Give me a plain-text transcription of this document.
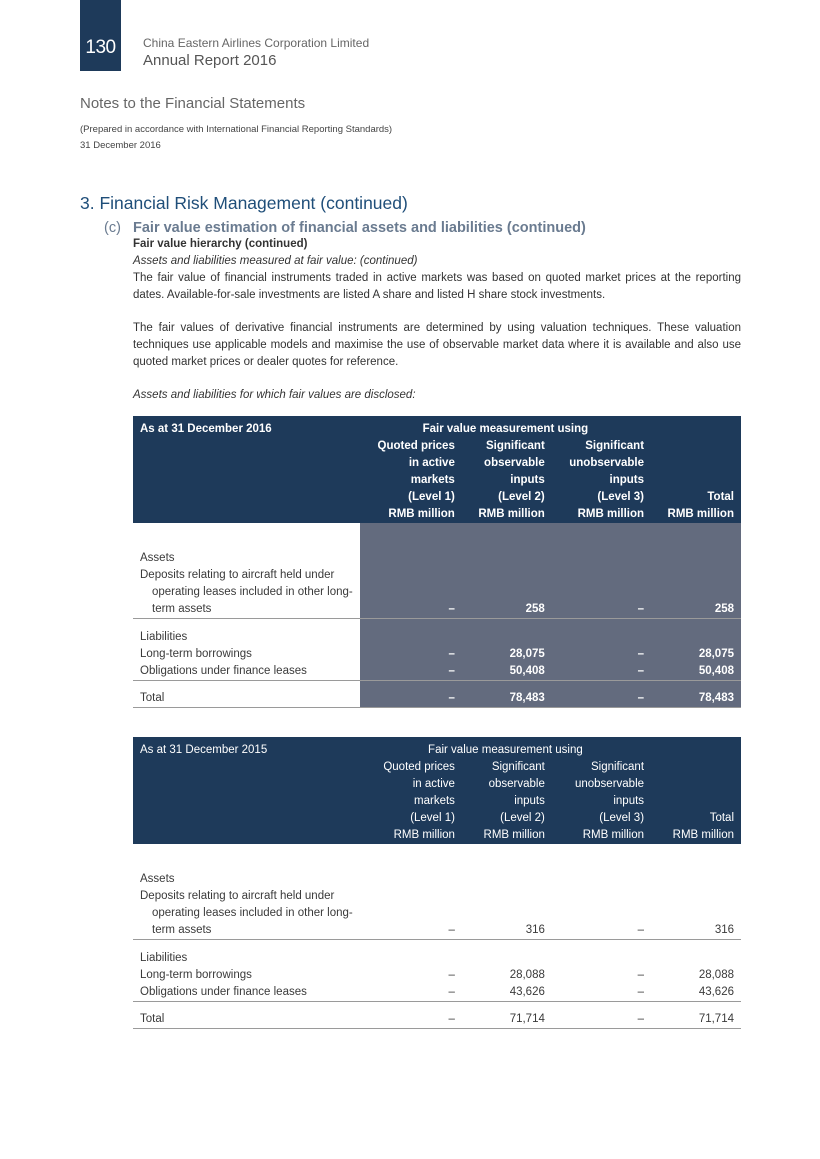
130	China Eastern Airlines Corporation Limited
Annual Report 2016
Notes to the Financial Statements
(Prepared in accordance with International Financial Reporting Standards)
31 December 2016
3. Financial Risk Management (continued)
(c) Fair value estimation of financial assets and liabilities (continued)
Fair value hierarchy (continued)
Assets and liabilities measured at fair value: (continued)
The fair value of financial instruments traded in active markets was based on quoted market prices at the reporting dates. Available-for-sale investments are listed A share and listed H share stock investments.
The fair values of derivative financial instruments are determined by using valuation techniques. These valuation techniques use applicable models and maximise the use of observable market data where it is available and also use quoted market prices or dealer quotes for reference.
Assets and liabilities for which fair values are disclosed:
As at 31 December 2016	Fair value measurement using			
	Quoted prices	Significant	Significant	
	in active	observable	unobservable	
	markets	inputs	inputs	
	(Level 1)	(Level 2)	(Level 3)	Total
	RMB million	RMB million	RMB million	RMB million

Assets				
Deposits relating to aircraft held under				
operating leases included in other long-				
term assets	–	258	–	258

Liabilities				
Long-term borrowings	–	28,075	–	28,075
Obligations under finance leases	–	50,408	–	50,408

Total	–	78,483	–	78,483
As at 31 December 2015	Fair value measurement using			
	Quoted prices	Significant	Significant	
	in active	observable	unobservable	
	markets	inputs	inputs	
	(Level 1)	(Level 2)	(Level 3)	Total
	RMB million	RMB million	RMB million	RMB million

Assets				
Deposits relating to aircraft held under				
operating leases included in other long-				
term assets	–	316	–	316

Liabilities				
Long-term borrowings	–	28,088	–	28,088
Obligations under finance leases	–	43,626	–	43,626

Total	–	71,714	–	71,714
